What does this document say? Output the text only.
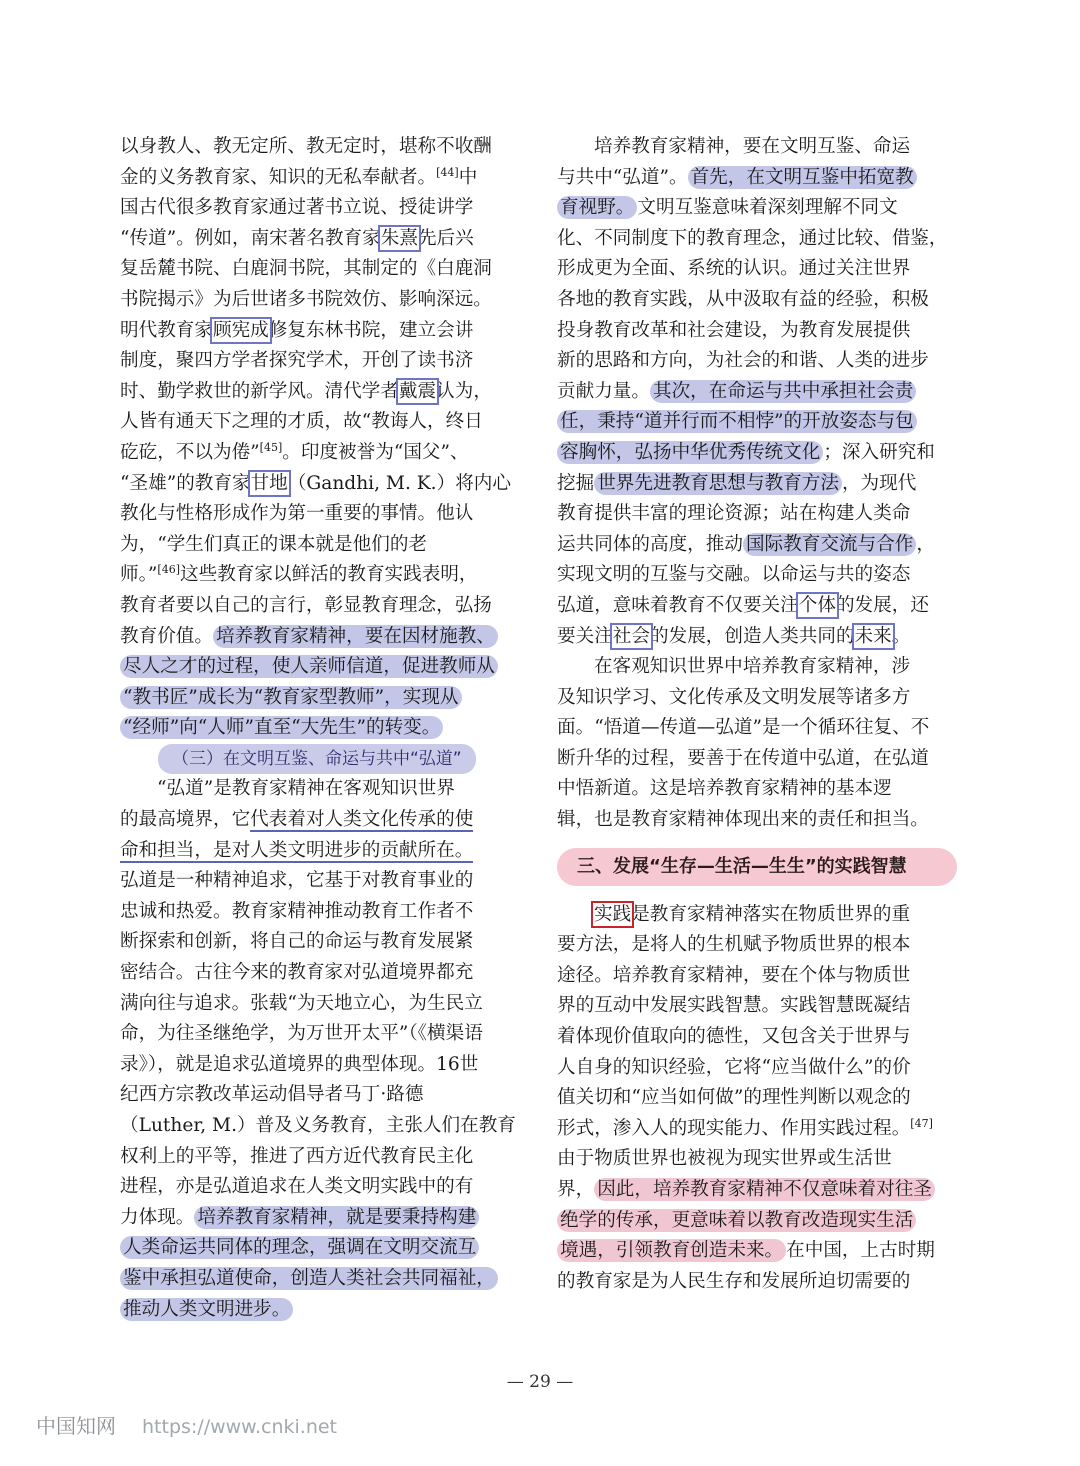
以身教人、教无定所、教无定时，堪称不收酬
金的义务教育家、知识的无私奉献者。[44]中
国古代很多教育家通过著书立说、授徒讲学
“传道”。例如，南宋著名教育家朱熹先后兴
复岳麓书院、白鹿洞书院，其制定的《白鹿洞
书院揭示》为后世诸多书院效仿、影响深远。
明代教育家顾宪成修复东林书院，建立会讲
制度，聚四方学者探究学术，开创了读书济
时、勤学救世的新学风。清代学者戴震认为，
人皆有通天下之理的才质，故“教诲人，终日
矻矻，不以为倦”[45]。印度被誉为“国父”、
“圣雄”的教育家甘地（Gandhi, M. K.）将内心
教化与性格形成作为第一重要的事情。他认
为，“学生们真正的课本就是他们的老
师。”[46]这些教育家以鲜活的教育实践表明，
教育者要以自己的言行，彰显教育理念，弘扬
教育价值。 培养教育家精神，要在因材施教、
尽人之才的过程，使人亲师信道，促进教师从
“教书匠”成长为“教育家型教师”，实现从
“经师”向“人师”直至“大先生”的转变。
（三）在文明互鉴、命运与共中“弘道”
“弘道”是教育家精神在客观知识世界
的最高境界，它代表着对人类文化传承的使
命和担当，是对人类文明进步的贡献所在。
弘道是一种精神追求，它基于对教育事业的
忠诚和热爱。教育家精神推动教育工作者不
断探索和创新，将自己的命运与教育发展紧
密结合。古往今来的教育家对弘道境界都充
满向往与追求。张载“为天地立心，为生民立
命，为往圣继绝学，为万世开太平”（《横渠语
录》），就是追求弘道境界的典型体现。16世
纪西方宗教改革运动倡导者马丁·路德
（Luther, M.）普及义务教育，主张人们在教育
权利上的平等，推进了西方近代教育民主化
进程，亦是弘道追求在人类文明实践中的有
力体现。 培养教育家精神，就是要秉持构建
人类命运共同体的理念，强调在文明交流互
鉴中承担弘道使命，创造人类社会共同福祉，
推动人类文明进步。
培养教育家精神，要在文明互鉴、命运
与共中“弘道”。 首先，在文明互鉴中拓宽教
育视野。 文明互鉴意味着深刻理解不同文
化、不同制度下的教育理念，通过比较、借鉴，
形成更为全面、系统的认识。通过关注世界
各地的教育实践，从中汲取有益的经验，积极
投身教育改革和社会建设，为教育发展提供
新的思路和方向，为社会的和谐、人类的进步
贡献力量。 其次，在命运与共中承担社会责
任，秉持“道并行而不相悖”的开放姿态与包
容胸怀，弘扬中华优秀传统文化 ；深入研究和
挖掘 世界先进教育思想与教育方法 ，为现代
教育提供丰富的理论资源；站在构建人类命
运共同体的高度，推动 国际教育交流与合作 ，
实现文明的互鉴与交融。以命运与共的姿态
弘道，意味着教育不仅要关注个体的发展，还
要关注社会的发展，创造人类共同的未来。
在客观知识世界中培养教育家精神，涉
及知识学习、文化传承及文明发展等诸多方
面。“悟道—传道—弘道”是一个循环往复、不
断升华的过程，要善于在传道中弘道，在弘道
中悟新道。这是培养教育家精神的基本逻
辑，也是教育家精神体现出来的责任和担当。
三、发展“生存—生活—生生”的实践智慧
实践是教育家精神落实在物质世界的重
要方法，是将人的生机赋予物质世界的根本
途径。培养教育家精神，要在个体与物质世
界的互动中发展实践智慧。实践智慧既凝结
着体现价值取向的德性，又包含关于世界与
人自身的知识经验，它将“应当做什么”的价
值关切和“应当如何做”的理性判断以观念的
形式，渗入人的现实能力、作用实践过程。[47]
由于物质世界也被视为现实世界或生活世
界， 因此，培养教育家精神不仅意味着对往圣
绝学的传承，更意味着以教育改造现实生活
境遇，引领教育创造未来。 在中国，上古时期
的教育家是为人民生存和发展所迫切需要的
— 29 —
中国知网 https://www.cnki.net
